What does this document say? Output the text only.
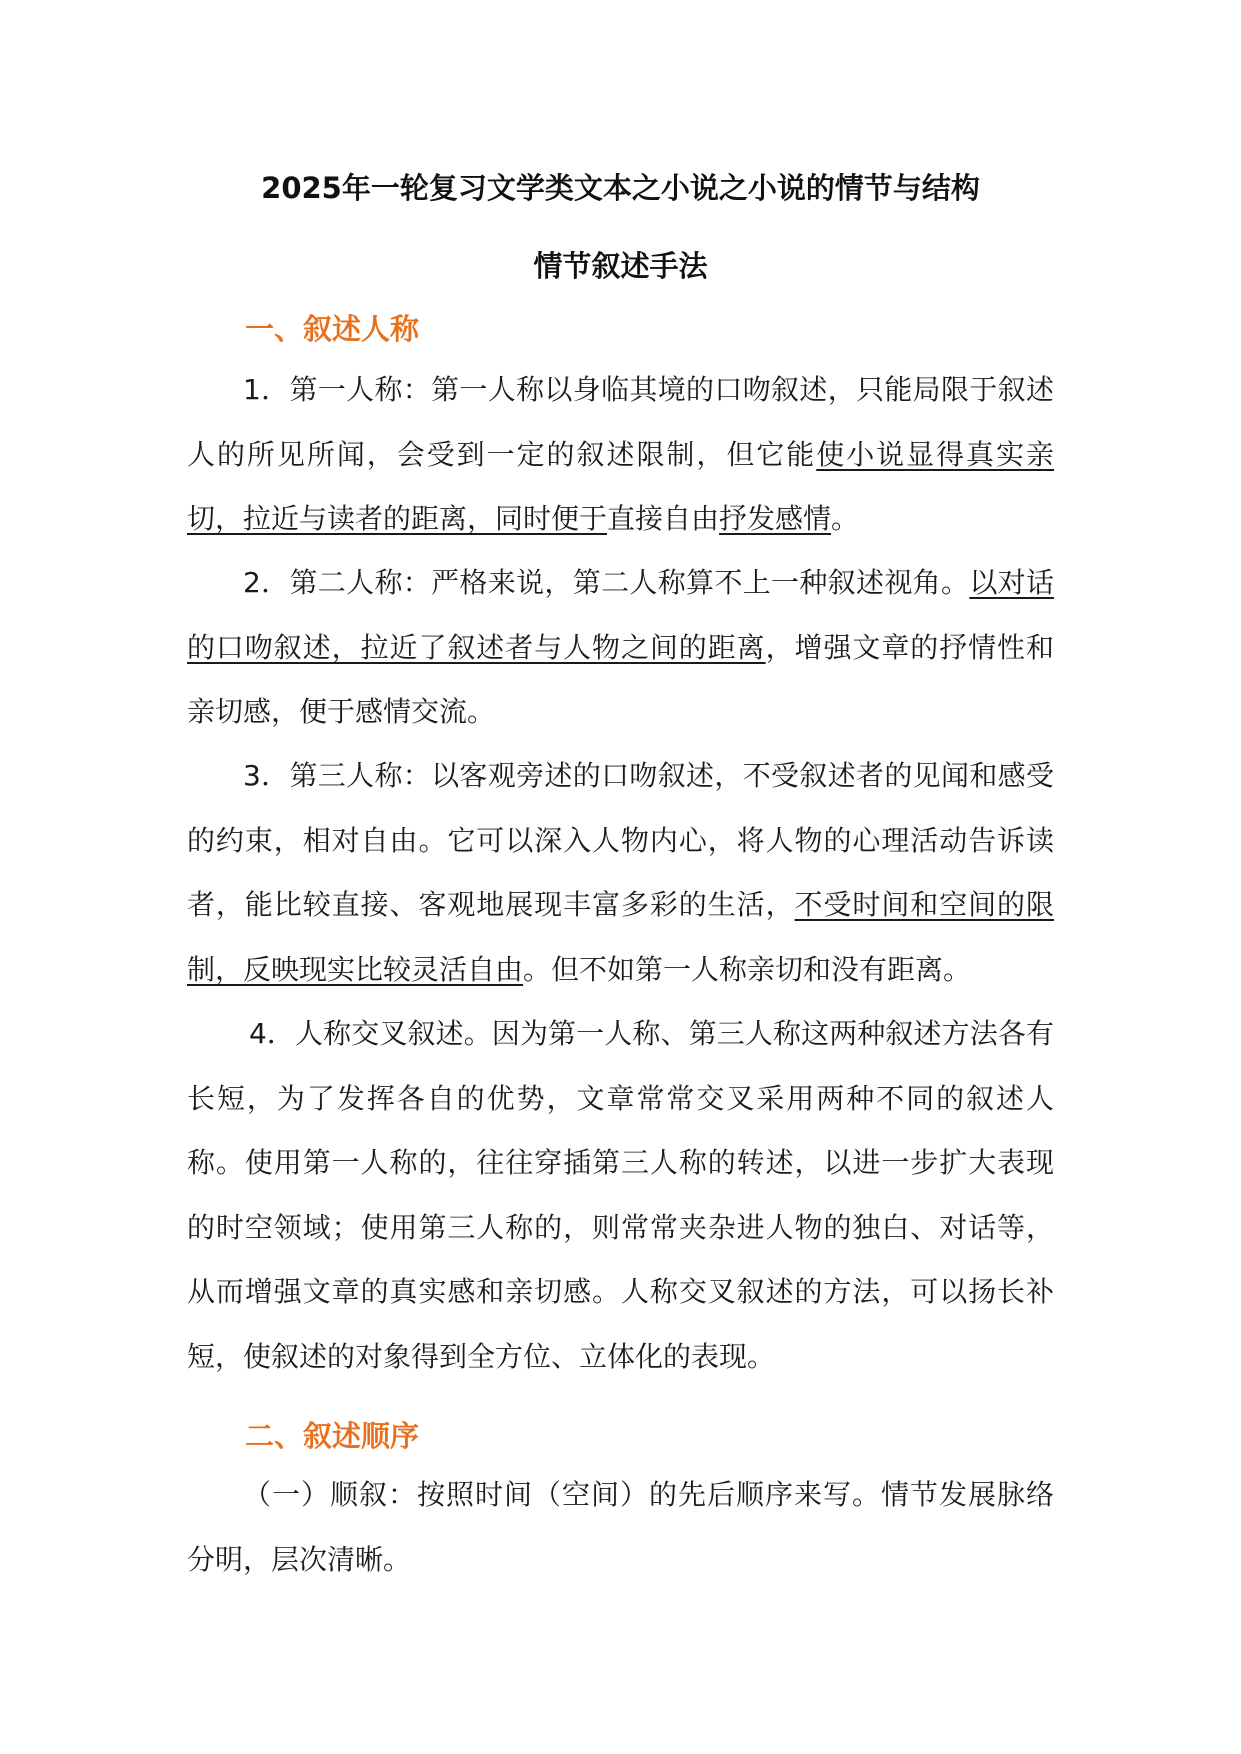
2025年一轮复习文学类文本之小说之小说的情节与结构
情节叙述手法
一、叙述人称
1．第一人称：第一人称以身临其境的口吻叙述，只能局限于叙述人的所见所闻，会受到一定的叙述限制，但它能使小说显得真实亲切，拉近与读者的距离，同时便于直接自由抒发感情。
2．第二人称：严格来说，第二人称算不上一种叙述视角。以对话的口吻叙述，拉近了叙述者与人物之间的距离，增强文章的抒情性和亲切感，便于感情交流。
3．第三人称：以客观旁述的口吻叙述，不受叙述者的见闻和感受的约束，相对自由。它可以深入人物内心，将人物的心理活动告诉读者，能比较直接、客观地展现丰富多彩的生活，不受时间和空间的限制，反映现实比较灵活自由。但不如第一人称亲切和没有距离。
4．人称交叉叙述。因为第一人称、第三人称这两种叙述方法各有长短，为了发挥各自的优势，文章常常交叉采用两种不同的叙述人称。使用第一人称的，往往穿插第三人称的转述，以进一步扩大表现的时空领域；使用第三人称的，则常常夹杂进人物的独白、对话等，从而增强文章的真实感和亲切感。人称交叉叙述的方法，可以扬长补短，使叙述的对象得到全方位、立体化的表现。
二、叙述顺序
（一）顺叙：按照时间（空间）的先后顺序来写。情节发展脉络分明，层次清晰。
